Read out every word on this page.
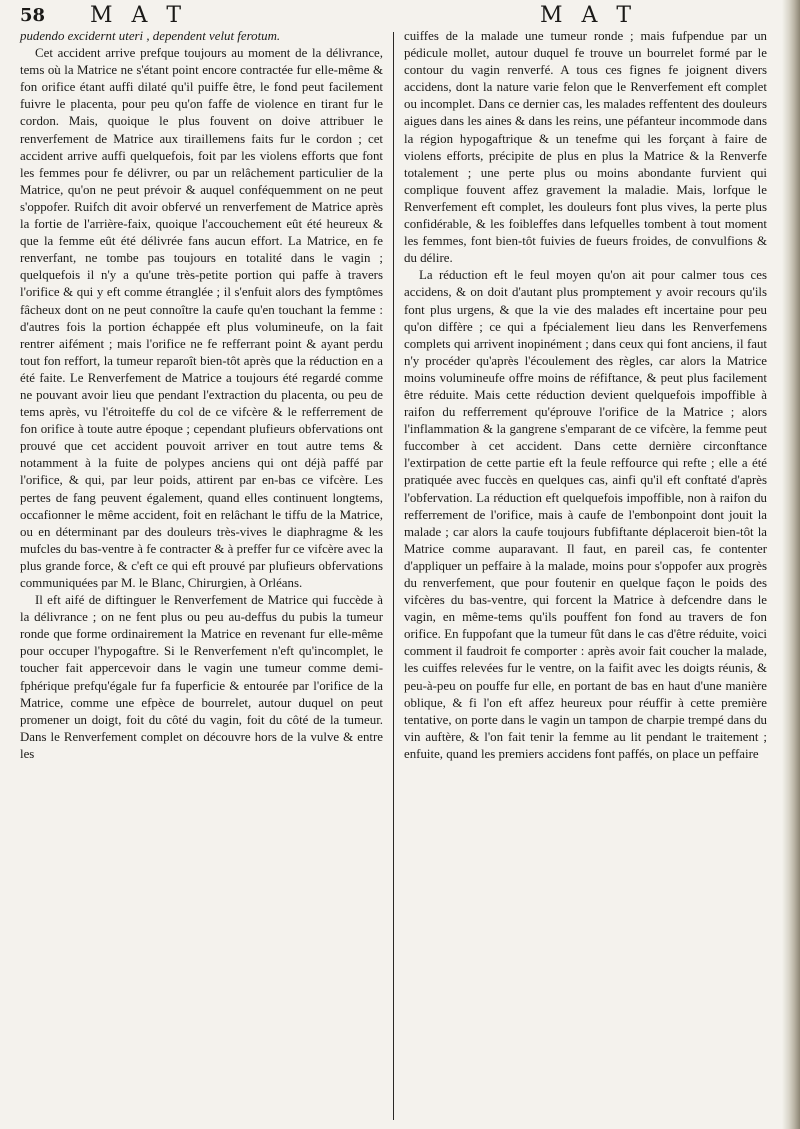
58 M A T	M A T

pudendo excidernt uteri , dependent velut ferotum.

Cet accident arrive prefque toujours au moment de la délivrance, tems où la Matrice ne s'étant point encore contractée fur elle-même & fon orifice étant auffi dilaté qu'il puiffe être, le fond peut facilement fuivre le placenta, pour peu qu'on faffe de violence en tirant fur le cordon. Mais, quoique le plus fouvent on doive attribuer le renverfement de Matrice aux tiraillemens faits fur le cordon ; cet accident arrive auffi quelquefois, foit par les violens efforts que font les femmes pour fe délivrer, ou par un relâchement particulier de la Matrice, qu'on ne peut prévoir & auquel conféquemment on ne peut s'oppofer. Ruifch dit avoir obfervé un renverfement de Matrice après la fortie de l'arrière-faix, quoique l'accouchement eût été heureux & que la femme eût été délivrée fans aucun effort. La Matrice, en fe renverfant, ne tombe pas toujours en totalité dans le vagin ; quelquefois il n'y a qu'une très-petite portion qui paffe à travers l'orifice & qui y eft comme étranglée ; il s'enfuit alors des fymptômes fâcheux dont on ne peut connoître la caufe qu'en touchant la femme : d'autres fois la portion échappée eft plus volumineufe, on la fait rentrer aifément ; mais l'orifice ne fe refferrant point & ayant perdu tout fon reffort, la tumeur reparoît bien-tôt après que la réduction en a été faite. Le Renverfement de Matrice a toujours été regardé comme ne pouvant avoir lieu que pendant l'extraction du placenta, ou peu de tems après, vu l'étroiteffe du col de ce vifcère & le refferrement de fon orifice à toute autre époque ; cependant plufieurs obfervations ont prouvé que cet accident pouvoit arriver en tout autre tems & notamment à la fuite de polypes anciens qui ont déjà paffé par l'orifice, & qui, par leur poids, attirent par en-bas ce vifcère. Les pertes de fang peuvent également, quand elles continuent longtems, occafionner le même accident, foit en relâchant le tiffu de la Matrice, ou en déterminant par des douleurs très-vives le diaphragme & les mufcles du bas-ventre à fe contracter & à preffer fur ce vifcère avec la plus grande force, & c'eft ce qui eft prouvé par plufieurs obfervations communiquées par M. le Blanc, Chirurgien, à Orléans.

Il eft aifé de diftinguer le Renverfement de Matrice qui fuccède à la délivrance ; on ne fent plus ou peu au-deffus du pubis la tumeur ronde que forme ordinairement la Matrice en revenant fur elle-même pour occuper l'hypogaftre. Si le Renverfement n'eft qu'incomplet, le toucher fait appercevoir dans le vagin une tumeur comme demi-fphérique prefqu'égale fur fa fuperficie & entourée par l'orifice de la Matrice, comme une efpèce de bourrelet, autour duquel on peut promener un doigt, foit du côté du vagin, foit du côté de la tumeur. Dans le Renverfement complet on découvre hors de la vulve & entre les

cuiffes de la malade une tumeur ronde ; mais fufpendue par un pédicule mollet, autour duquel fe trouve un bourrelet formé par le contour du vagin renverfé. A tous ces fignes fe joignent divers accidens, dont la nature varie felon que le Renverfement eft complet ou incomplet. Dans ce dernier cas, les malades reffentent des douleurs aigues dans les aines & dans les reins, une péfanteur incommode dans la région hypogaftrique & un tenefme qui les forçant à faire de violens efforts, précipite de plus en plus la Matrice & la Renverfe totalement ; une perte plus ou moins abondante furvient qui complique fouvent affez gravement la maladie. Mais, lorfque le Renverfement eft complet, les douleurs font plus vives, la perte plus confidérable, & les foibleffes dans lefquelles tombent à tout moment les femmes, font bien-tôt fuivies de fueurs froides, de convulfions & du délire.

La réduction eft le feul moyen qu'on ait pour calmer tous ces accidens, & on doit d'autant plus promptement y avoir recours qu'ils font plus urgens, & que la vie des malades eft incertaine pour peu qu'on diffère ; ce qui a fpécialement lieu dans les Renverfemens complets qui arrivent inopinément ; dans ceux qui font anciens, il faut n'y procéder qu'après l'écoulement des règles, car alors la Matrice moins volumineufe offre moins de réfiftance, & peut plus facilement être réduite. Mais cette réduction devient quelquefois impoffible à raifon du refferrement qu'éprouve l'orifice de la Matrice ; alors l'inflammation & la gangrene s'emparant de ce vifcère, la femme peut fuccomber à cet accident. Dans cette dernière circonftance l'extirpation de cette partie eft la feule reffource qui refte ; elle a été pratiquée avec fuccès en quelques cas, ainfi qu'il eft conftaté d'après l'obfervation. La réduction eft quelquefois impoffible, non à raifon du refferrement de l'orifice, mais à caufe de l'embonpoint dont jouit la malade ; car alors la caufe toujours fubfiftante déplaceroit bien-tôt la Matrice comme auparavant. Il faut, en pareil cas, fe contenter d'appliquer un peffaire à la malade, moins pour s'oppofer aux progrès du renverfement, que pour foutenir en quelque façon le poids des vifcères du bas-ventre, qui forcent la Matrice à defcendre dans le vagin, en même-tems qu'ils pouffent fon fond au travers de fon orifice. En fuppofant que la tumeur fût dans le cas d'être réduite, voici comment il faudroit fe comporter : après avoir fait coucher la malade, les cuiffes relevées fur le ventre, on la faifit avec les doigts réunis, & peu-à-peu on pouffe fur elle, en portant de bas en haut d'une manière oblique, & fi l'on eft affez heureux pour réuffir à cette première tentative, on porte dans le vagin un tampon de charpie trempé dans du vin auftère, & l'on fait tenir la femme au lit pendant le traitement ; enfuite, quand les premiers accidens font paffés, on place un peffaire
